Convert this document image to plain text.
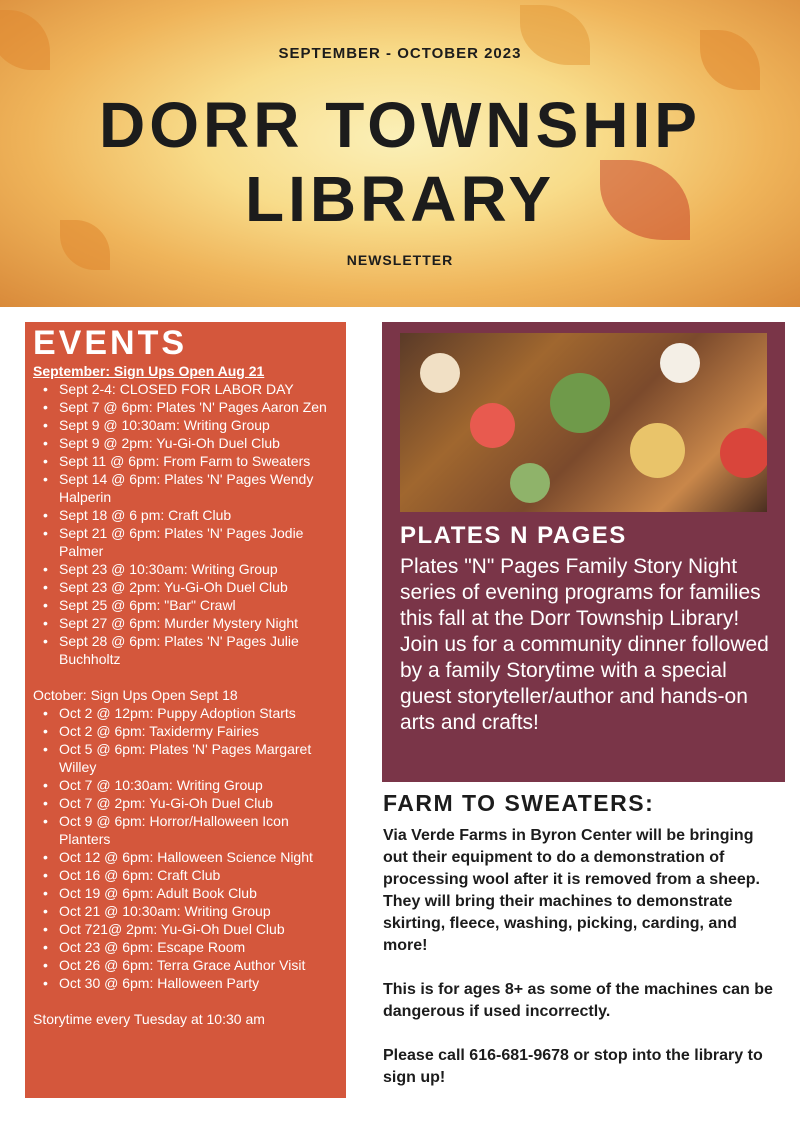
SEPTEMBER - OCTOBER 2023
DORR TOWNSHIP
LIBRARY
NEWSLETTER
EVENTS
September: Sign Ups Open Aug 21
• Sept 2-4: CLOSED FOR LABOR DAY
• Sept 7 @ 6pm: Plates 'N' Pages Aaron Zen
• Sept 9 @ 10:30am: Writing Group
• Sept 9 @ 2pm: Yu-Gi-Oh Duel Club
• Sept 11 @ 6pm: From Farm to Sweaters
• Sept 14 @ 6pm: Plates 'N' Pages Wendy Halperin
• Sept 18 @ 6 pm: Craft Club
• Sept 21 @ 6pm: Plates 'N' Pages Jodie Palmer
• Sept 23 @ 10:30am: Writing Group
• Sept 23 @ 2pm: Yu-Gi-Oh Duel Club
• Sept 25 @ 6pm: "Bar" Crawl
• Sept 27 @ 6pm: Murder Mystery Night
• Sept 28 @ 6pm: Plates 'N' Pages Julie Buchholtz
October: Sign Ups Open Sept 18
• Oct 2 @ 12pm: Puppy Adoption Starts
• Oct 2 @ 6pm: Taxidermy Fairies
• Oct 5 @ 6pm: Plates 'N' Pages Margaret Willey
• Oct 7 @ 10:30am: Writing Group
• Oct 7 @ 2pm: Yu-Gi-Oh Duel Club
• Oct 9 @ 6pm: Horror/Halloween Icon Planters
• Oct 12 @ 6pm: Halloween Science Night
• Oct 16 @ 6pm: Craft Club
• Oct 19 @ 6pm: Adult Book Club
• Oct 21 @ 10:30am: Writing Group
• Oct 721@ 2pm: Yu-Gi-Oh Duel Club
• Oct 23 @ 6pm: Escape Room
• Oct 26 @ 6pm: Terra Grace Author Visit
• Oct 30 @ 6pm: Halloween Party
Storytime every Tuesday at 10:30 am
PLATES N PAGES

Plates "N" Pages Family Story Night series of evening programs for families this fall at the Dorr Township Library! Join us for a community dinner followed by a family Storytime with a special guest storyteller/author and hands-on arts and crafts!

FARM TO SWEATERS:

Via Verde Farms in Byron Center will be bringing out their equipment to do a demonstration of processing wool after it is removed from a sheep. They will bring their machines to demonstrate skirting, fleece, washing, picking, carding, and more!

This is for ages 8+ as some of the machines can be dangerous if used incorrectly.

Please call 616-681-9678 or stop into the library to sign up!
